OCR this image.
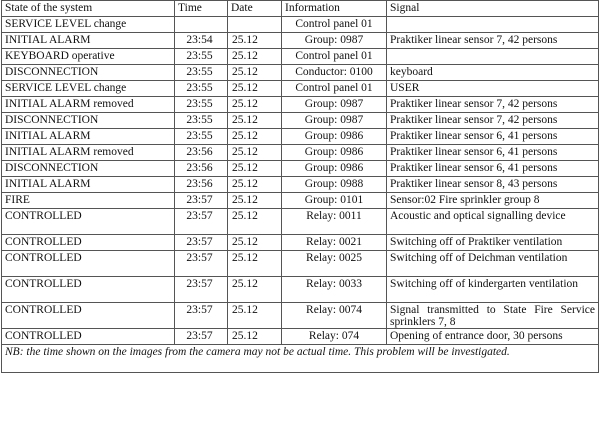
State of the system	Time	Date	Information	Signal
SERVICE LEVEL change			Control panel 01	
INITIAL ALARM	23:54	25.12	Group: 0987	Praktiker linear sensor 7, 42 persons
KEYBOARD operative	23:55	25.12	Control panel 01	
DISCONNECTION	23:55	25.12	Conductor: 0100	keyboard
SERVICE LEVEL change	23:55	25.12	Control panel 01	USER
INITIAL ALARM removed	23:55	25.12	Group: 0987	Praktiker linear sensor 7, 42 persons
DISCONNECTION	23:55	25.12	Group: 0987	Praktiker linear sensor 7, 42 persons
INITIAL ALARM	23:55	25.12	Group: 0986	Praktiker linear sensor 6, 41 persons
INITIAL ALARM removed	23:56	25.12	Group: 0986	Praktiker linear sensor 6, 41 persons
DISCONNECTION	23:56	25.12	Group: 0986	Praktiker linear sensor 6, 41 persons
INITIAL ALARM	23:56	25.12	Group: 0988	Praktiker linear sensor 8, 43 persons
FIRE	23:57	25.12	Group: 0101	Sensor:02 Fire sprinkler group 8
CONTROLLED	23:57	25.12	Relay: 0011	Acoustic and optical signalling device
CONTROLLED	23:57	25.12	Relay: 0021	Switching off of Praktiker ventilation
CONTROLLED	23:57	25.12	Relay: 0025	Switching off of Deichman ventilation
CONTROLLED	23:57	25.12	Relay: 0033	Switching off of kindergarten ventilation
CONTROLLED	23:57	25.12	Relay: 0074	Signal transmitted to State Fire Service sprinklers 7, 8
CONTROLLED	23:57	25.12	Relay: 074	Opening of entrance door, 30 persons
NB: the time shown on the images from the camera may not be actual time. This problem will be investigated.				
